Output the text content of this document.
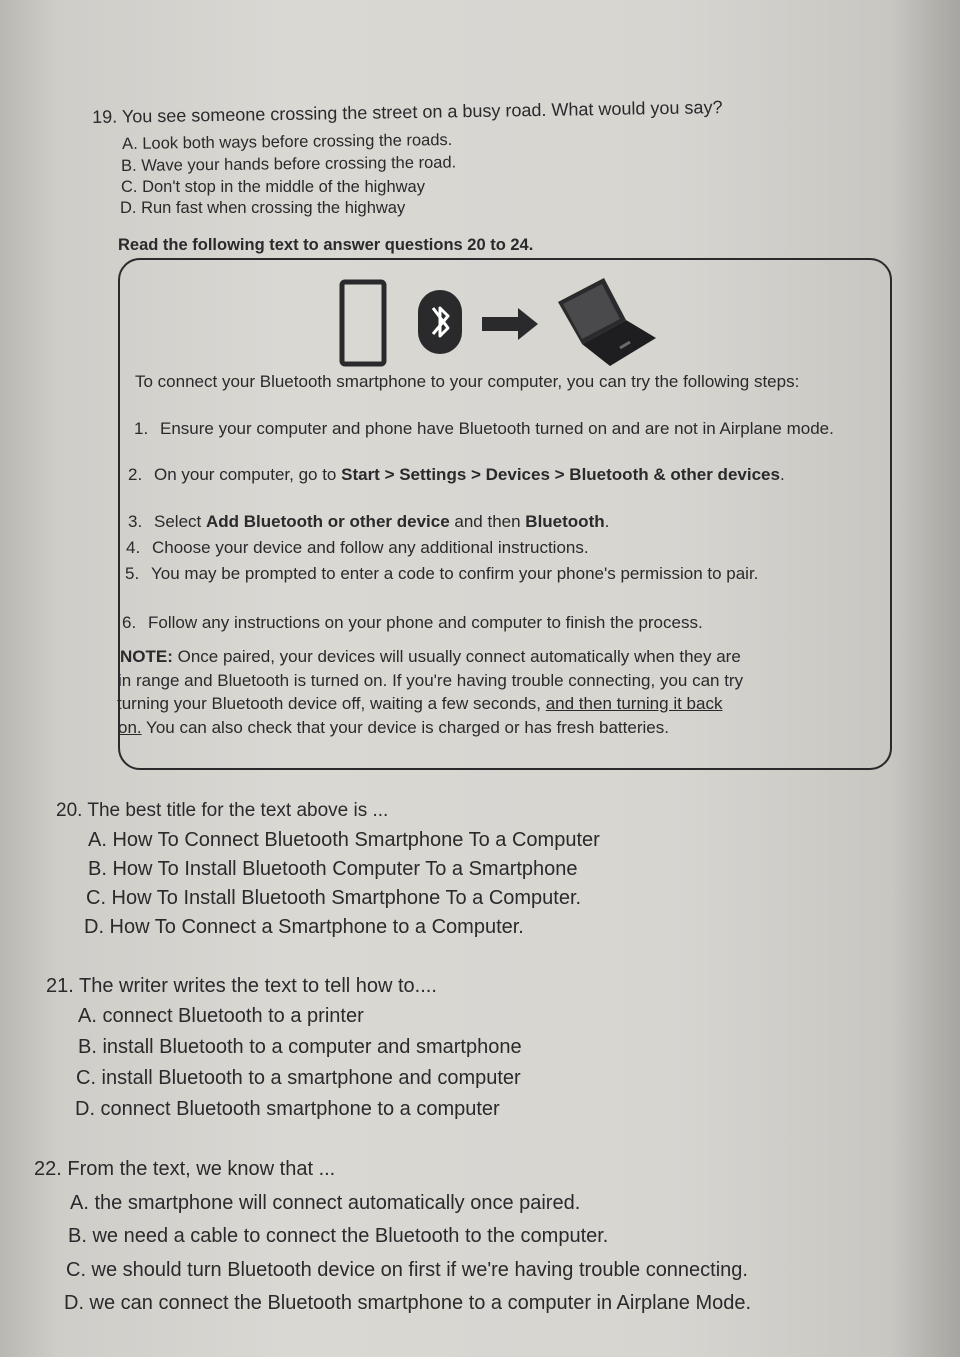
19. You see someone crossing the street on a busy road. What would you say?
A. Look both ways before crossing the roads.
B. Wave your hands before crossing the road.
C. Don't stop in the middle of the highway
D. Run fast when crossing the highway
Read the following text to answer questions 20 to 24.
To connect your Bluetooth smartphone to your computer, you can try the following steps:
1. Ensure your computer and phone have Bluetooth turned on and are not in Airplane mode.
2. On your computer, go to Start > Settings > Devices > Bluetooth & other devices.
3. Select Add Bluetooth or other device and then Bluetooth.
4. Choose your device and follow any additional instructions.
5. You may be prompted to enter a code to confirm your phone's permission to pair.
6. Follow any instructions on your phone and computer to finish the process.
NOTE: Once paired, your devices will usually connect automatically when they are
in range and Bluetooth is turned on. If you're having trouble connecting, you can try
turning your Bluetooth device off, waiting a few seconds, and then turning it back
on. You can also check that your device is charged or has fresh batteries.
20. The best title for the text above is ...
A. How To Connect Bluetooth Smartphone To a Computer
B. How To Install Bluetooth Computer To a Smartphone
C. How To Install Bluetooth Smartphone To a Computer.
D. How To Connect a Smartphone to a Computer.
21. The writer writes the text to tell how to....
A. connect Bluetooth to a printer
B. install Bluetooth to a computer and smartphone
C. install Bluetooth to a smartphone and computer
D. connect Bluetooth smartphone to a computer
22. From the text, we know that ...
A. the smartphone will connect automatically once paired.
B. we need a cable to connect the Bluetooth to the computer.
C. we should turn Bluetooth device on first if we're having trouble connecting.
D. we can connect the Bluetooth smartphone to a computer in Airplane Mode.
